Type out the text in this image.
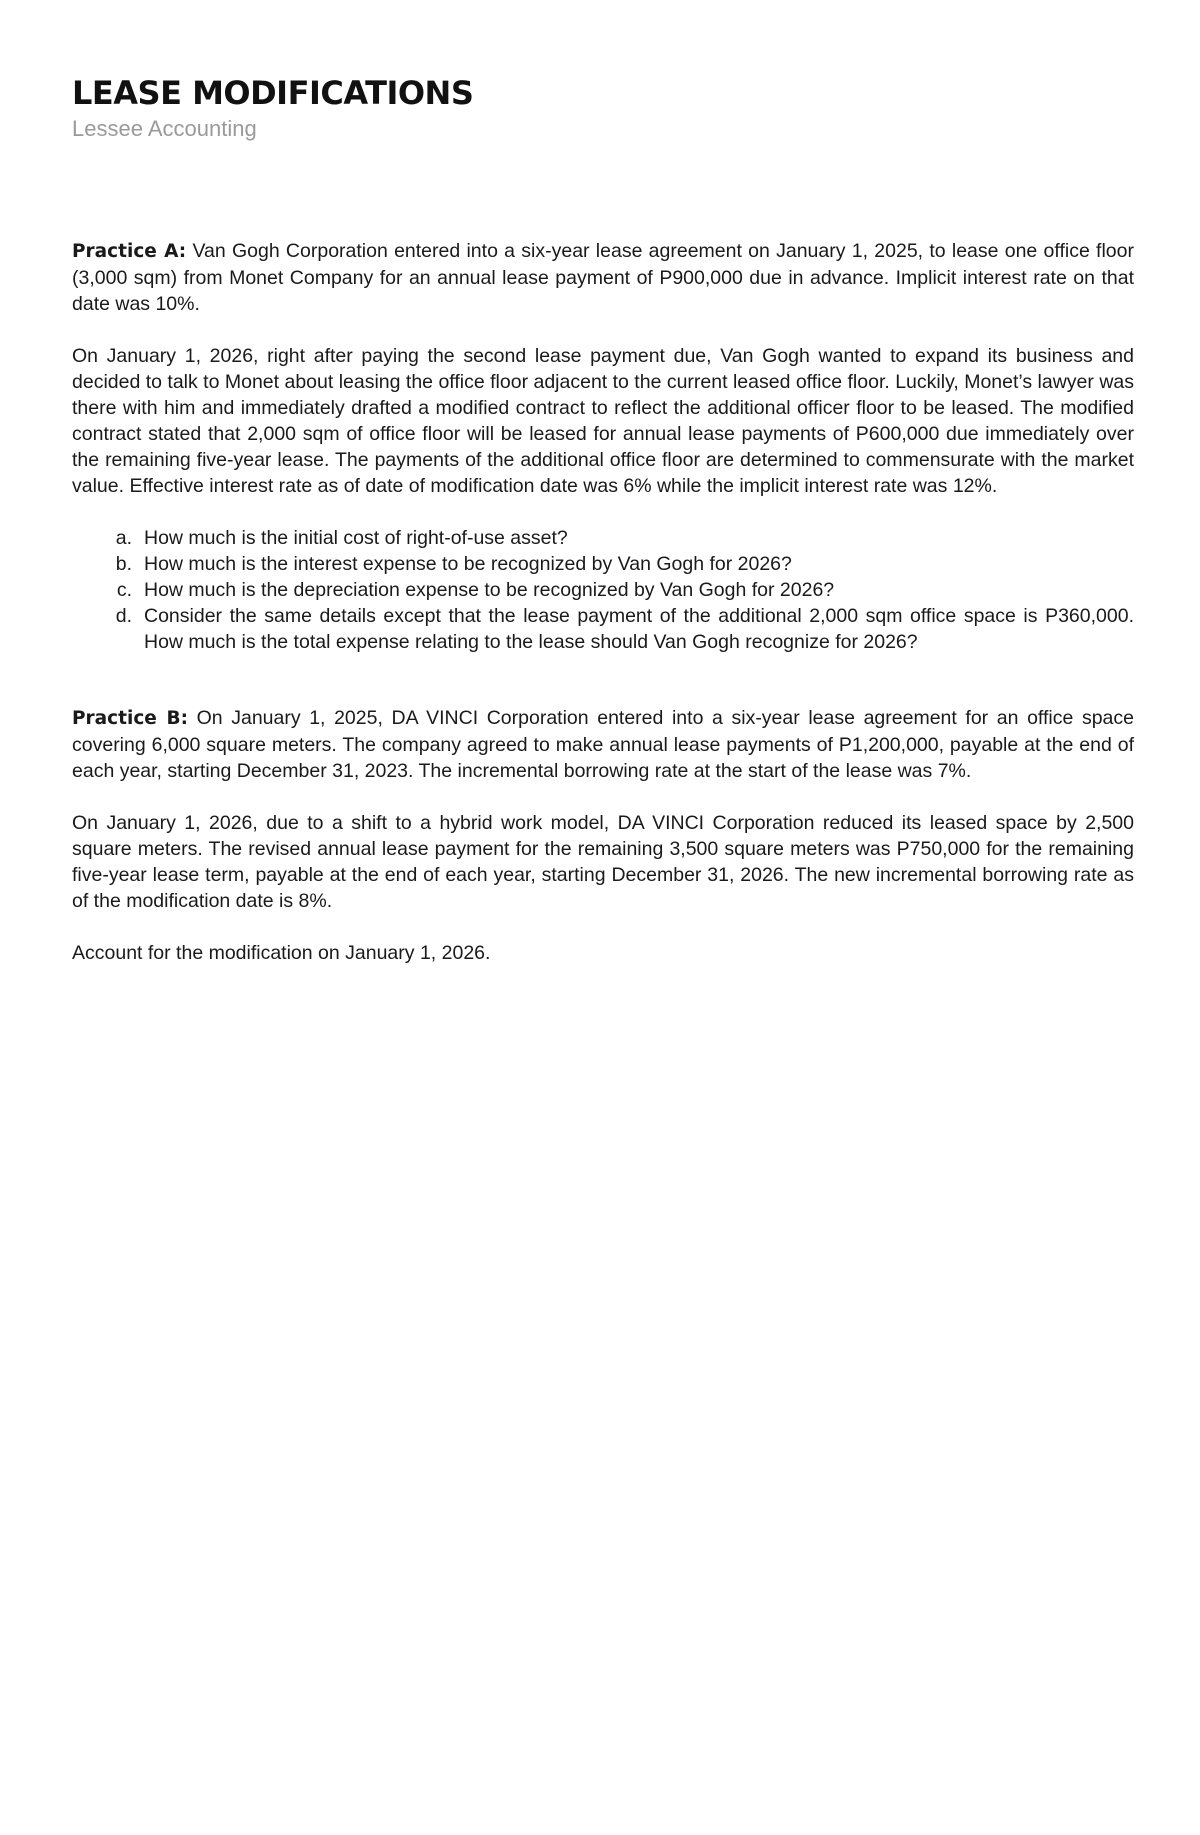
LEASE MODIFICATIONS

Lessee Accounting

Practice A: Van Gogh Corporation entered into a six-year lease agreement on January 1, 2025, to lease one office floor (3,000 sqm) from Monet Company for an annual lease payment of P900,000 due in advance. Implicit interest rate on that date was 10%.

On January 1, 2026, right after paying the second lease payment due, Van Gogh wanted to expand its business and decided to talk to Monet about leasing the office floor adjacent to the current leased office floor. Luckily, Monet’s lawyer was there with him and immediately drafted a modified contract to reflect the additional officer floor to be leased. The modified contract stated that 2,000 sqm of office floor will be leased for annual lease payments of P600,000 due immediately over the remaining five-year lease. The payments of the additional office floor are determined to commensurate with the market value. Effective interest rate as of date of modification date was 6% while the implicit interest rate was 12%.

a. How much is the initial cost of right-of-use asset?
b. How much is the interest expense to be recognized by Van Gogh for 2026?
c. How much is the depreciation expense to be recognized by Van Gogh for 2026?
d. Consider the same details except that the lease payment of the additional 2,000 sqm office space is P360,000. How much is the total expense relating to the lease should Van Gogh recognize for 2026?

Practice B: On January 1, 2025, DA VINCI Corporation entered into a six-year lease agreement for an office space covering 6,000 square meters. The company agreed to make annual lease payments of P1,200,000, payable at the end of each year, starting December 31, 2023. The incremental borrowing rate at the start of the lease was 7%.

On January 1, 2026, due to a shift to a hybrid work model, DA VINCI Corporation reduced its leased space by 2,500 square meters. The revised annual lease payment for the remaining 3,500 square meters was P750,000 for the remaining five-year lease term, payable at the end of each year, starting December 31, 2026. The new incremental borrowing rate as of the modification date is 8%.

Account for the modification on January 1, 2026.
